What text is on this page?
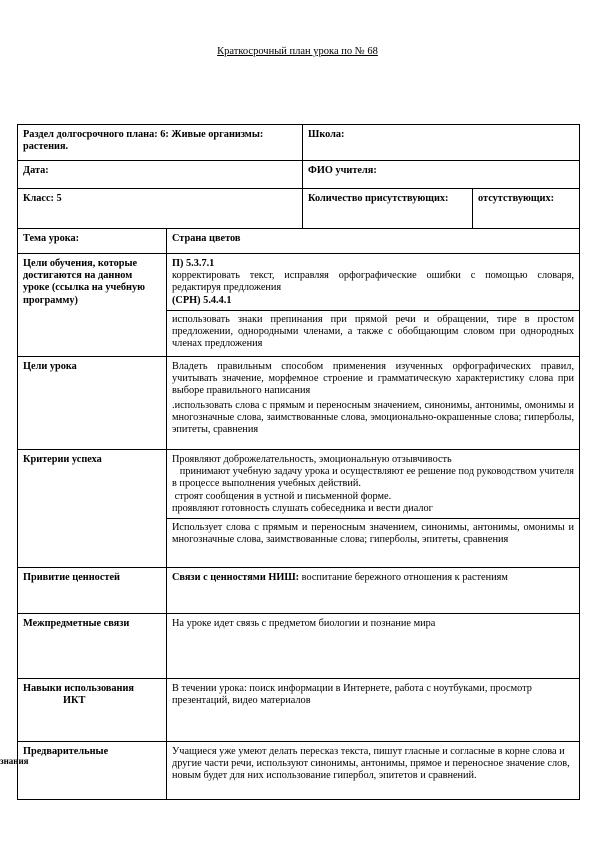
Краткосрочный план урока по № 68
Раздел долгосрочного плана: 6: Живые организмы: растения.		Школа:	
Дата:		ФИО учителя:	
Класс: 5		Количество присутствующих:	отсутствующих:
Тема урока:	Страна цветов		
Цели обучения, которые достигаются на данном уроке (ссылка на учебную программу)	П) 5.3.7.1
корректировать текст, исправляя орфографические ошибки с помощью словаря, редактируя предложения
(СРН) 5.4.4.1
использовать знаки препинания при прямой речи и обращении, тире в простом предложении, однородными членами, а также с обобщающим словом при однородных членах предложения		

Цели урока	Владеть правильным способом применения изученных орфографических правил, учитывать значение, морфемное строение и грамматическую характеристику слова при выборе правильного написания
.использовать слова с прямым и переносным значением, синонимы, антонимы, омонимы и многозначные слова, заимствованные слова, эмоционально-окрашенные слова; гиперболы, эпитеты, сравнения		

Критерии успеха	Проявляют доброжелательность, эмоциональную отзывчивость
принимают учебную задачу урока и осуществляют ее решение под руководством учителя в процессе выполнения учебных действий.
строят сообщения в устной и письменной форме.
проявляют готовность слушать собеседника и вести диалог
Использует слова с прямым и переносным значением, синонимы, антонимы, омонимы и многозначные слова, заимствованные слова; гиперболы, эпитеты, сравнения		

Привитие ценностей	Связи с ценностями НИШ: воспитание бережного отношения к растениям		
Межпредметные связи	На уроке идет связь с предметом биологии и познание мира		

Навыки использования
ИКТ	В течении урока: поиск информации в Интернете, работа с ноутбуками, просмотр презентаций, видео материалов		
Предварительные	Учащиеся уже умеют делать пересказ текста, пишут гласные и согласные в корне слова и другие части речи, используют синонимы, антонимы, прямое и переносное значение слов, новым будет для них использование гипербол, эпитетов и сравнений.		
знания
